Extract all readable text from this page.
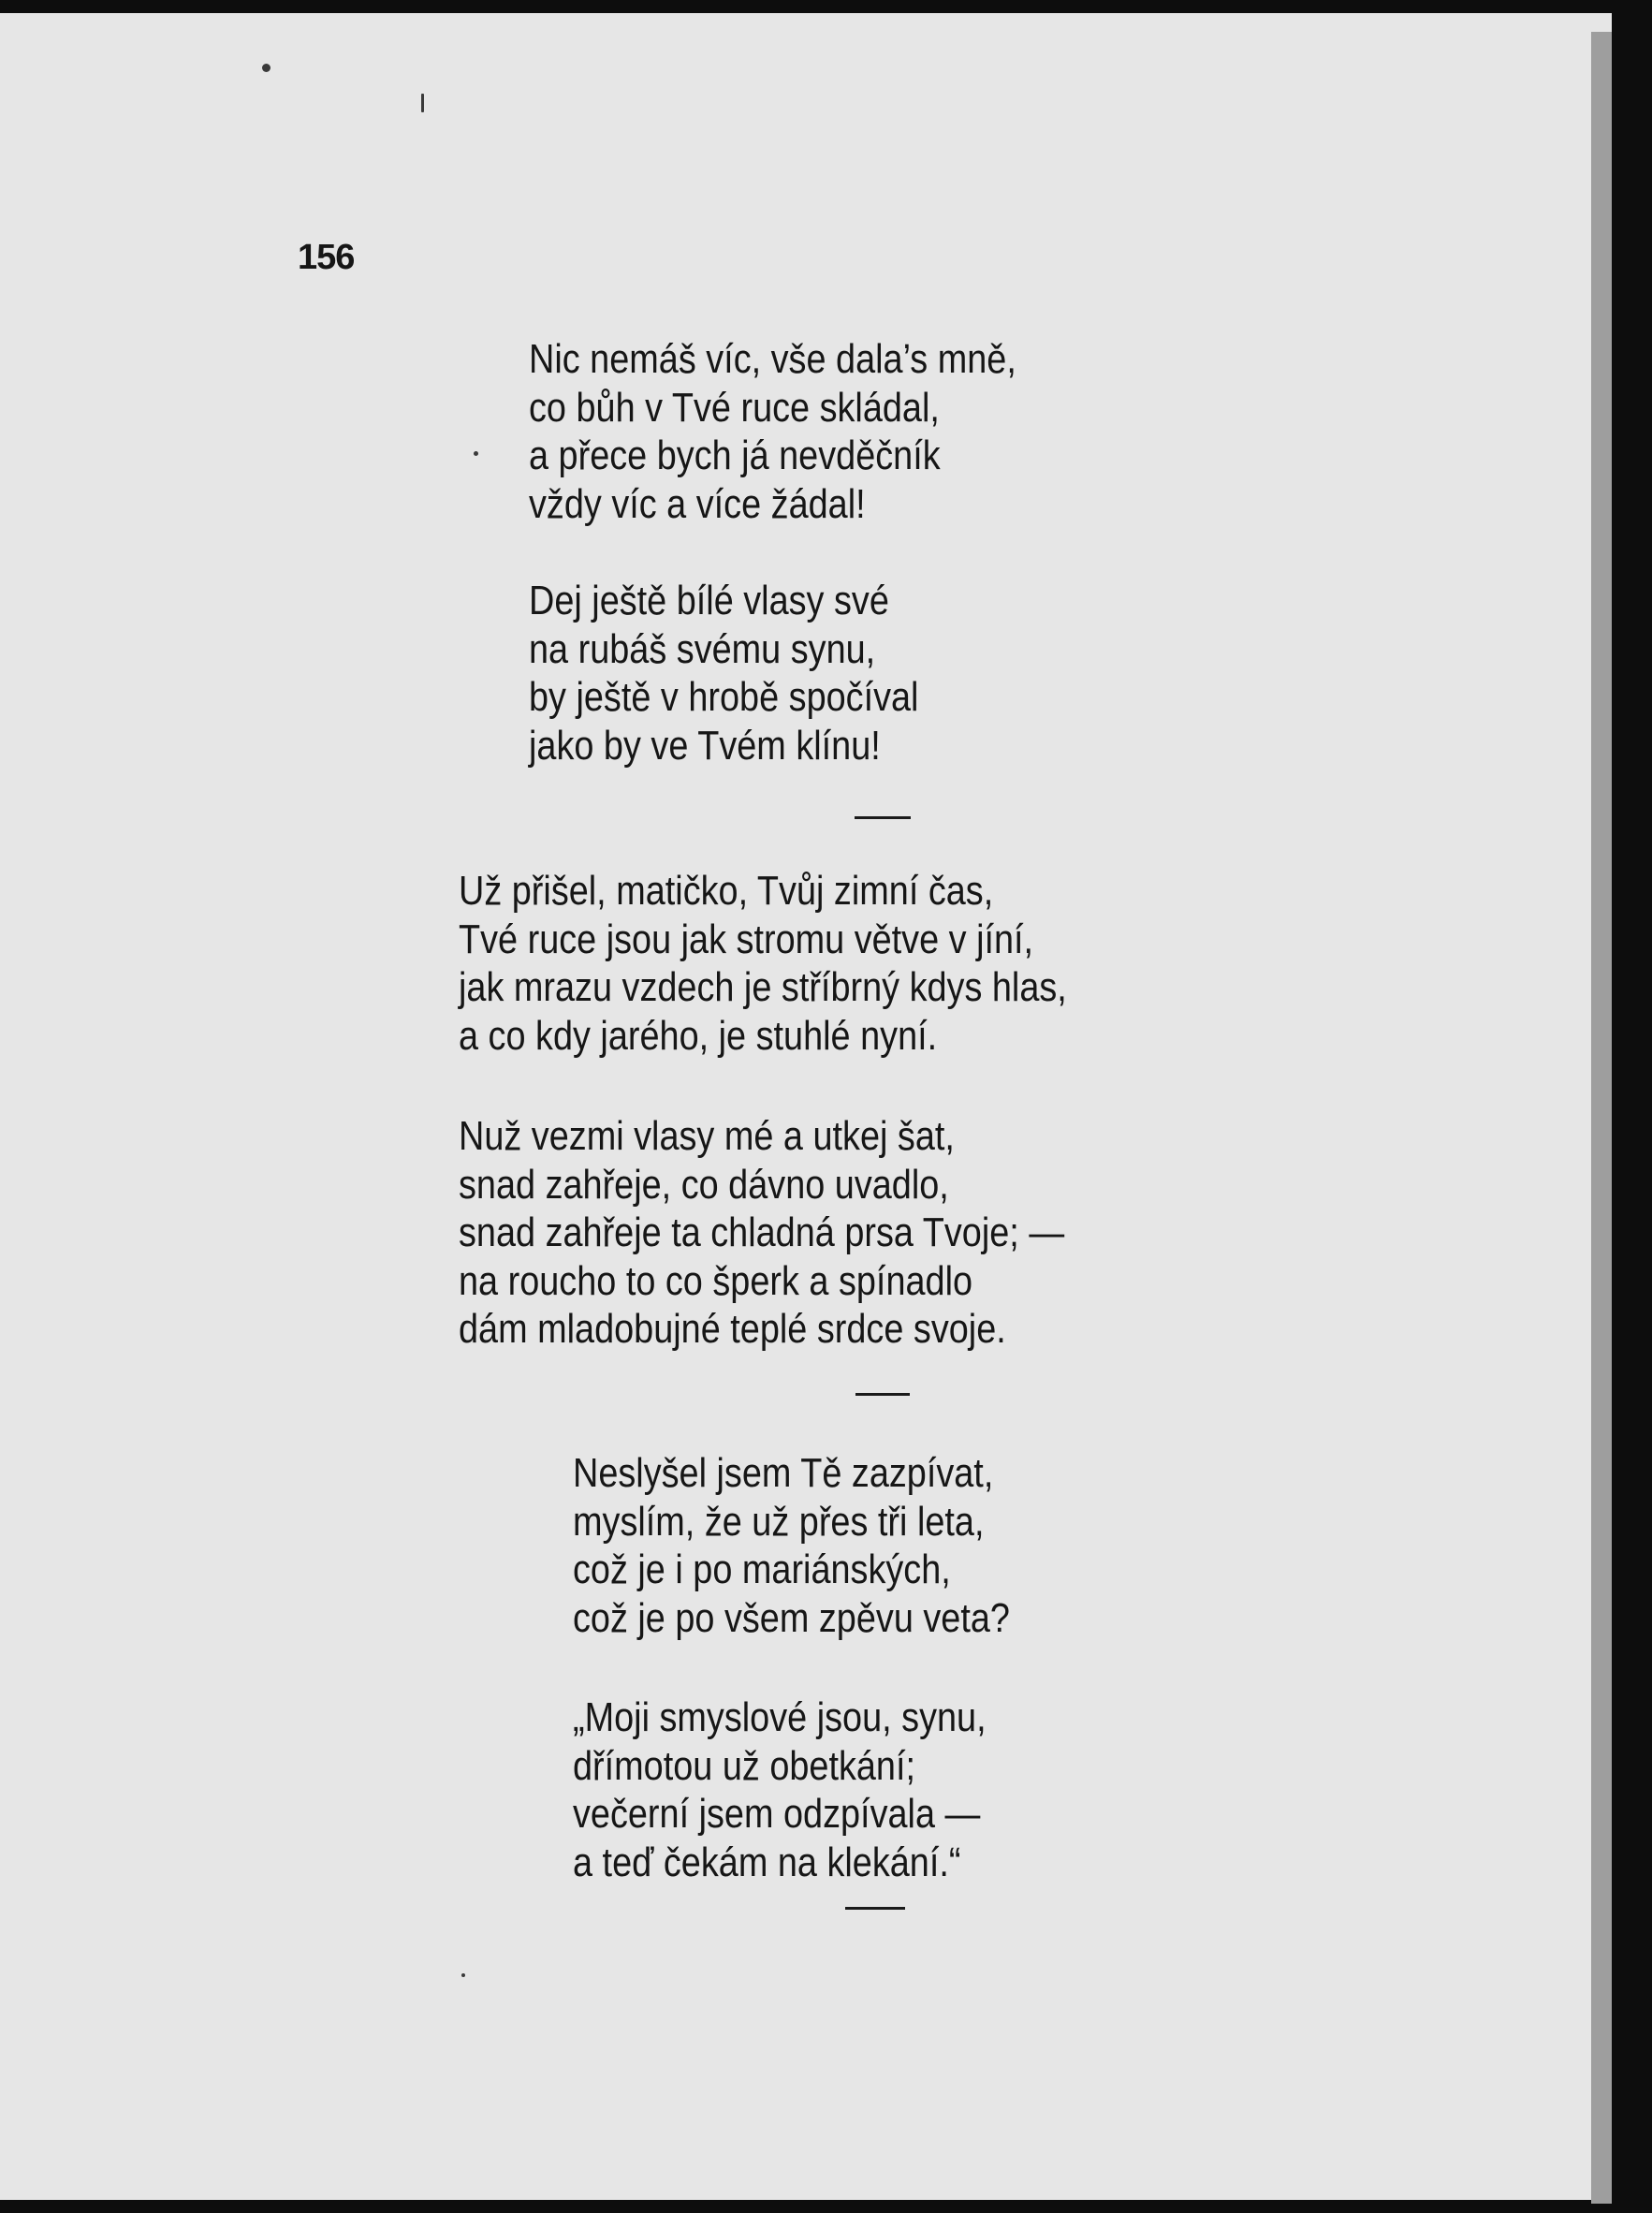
156
Nic nemáš víc, vše dala’s mně,
co bůh v Tvé ruce skládal,
a přece bych já nevděčník
vždy víc a více žádal!
Dej ještě bílé vlasy své
na rubáš svému synu,
by ještě v hrobě spočíval
jako by ve Tvém klínu!
Už přišel, matičko, Tvůj zimní čas,
Tvé ruce jsou jak stromu větve v jíní,
jak mrazu vzdech je stříbrný kdys hlas,
a co kdy jarého, je stuhlé nyní.
Nuž vezmi vlasy mé a utkej šat,
snad zahřeje, co dávno uvadlo,
snad zahřeje ta chladná prsa Tvoje; —
na roucho to co šperk a spínadlo
dám mladobujné teplé srdce svoje.
Neslyšel jsem Tě zazpívat,
myslím, že už přes tři leta,
což je i po mariánských,
což je po všem zpěvu veta?
„Moji smyslové jsou, synu,
dřímotou už obetkání;
večerní jsem odzpívala —
a teď čekám na klekání.“
